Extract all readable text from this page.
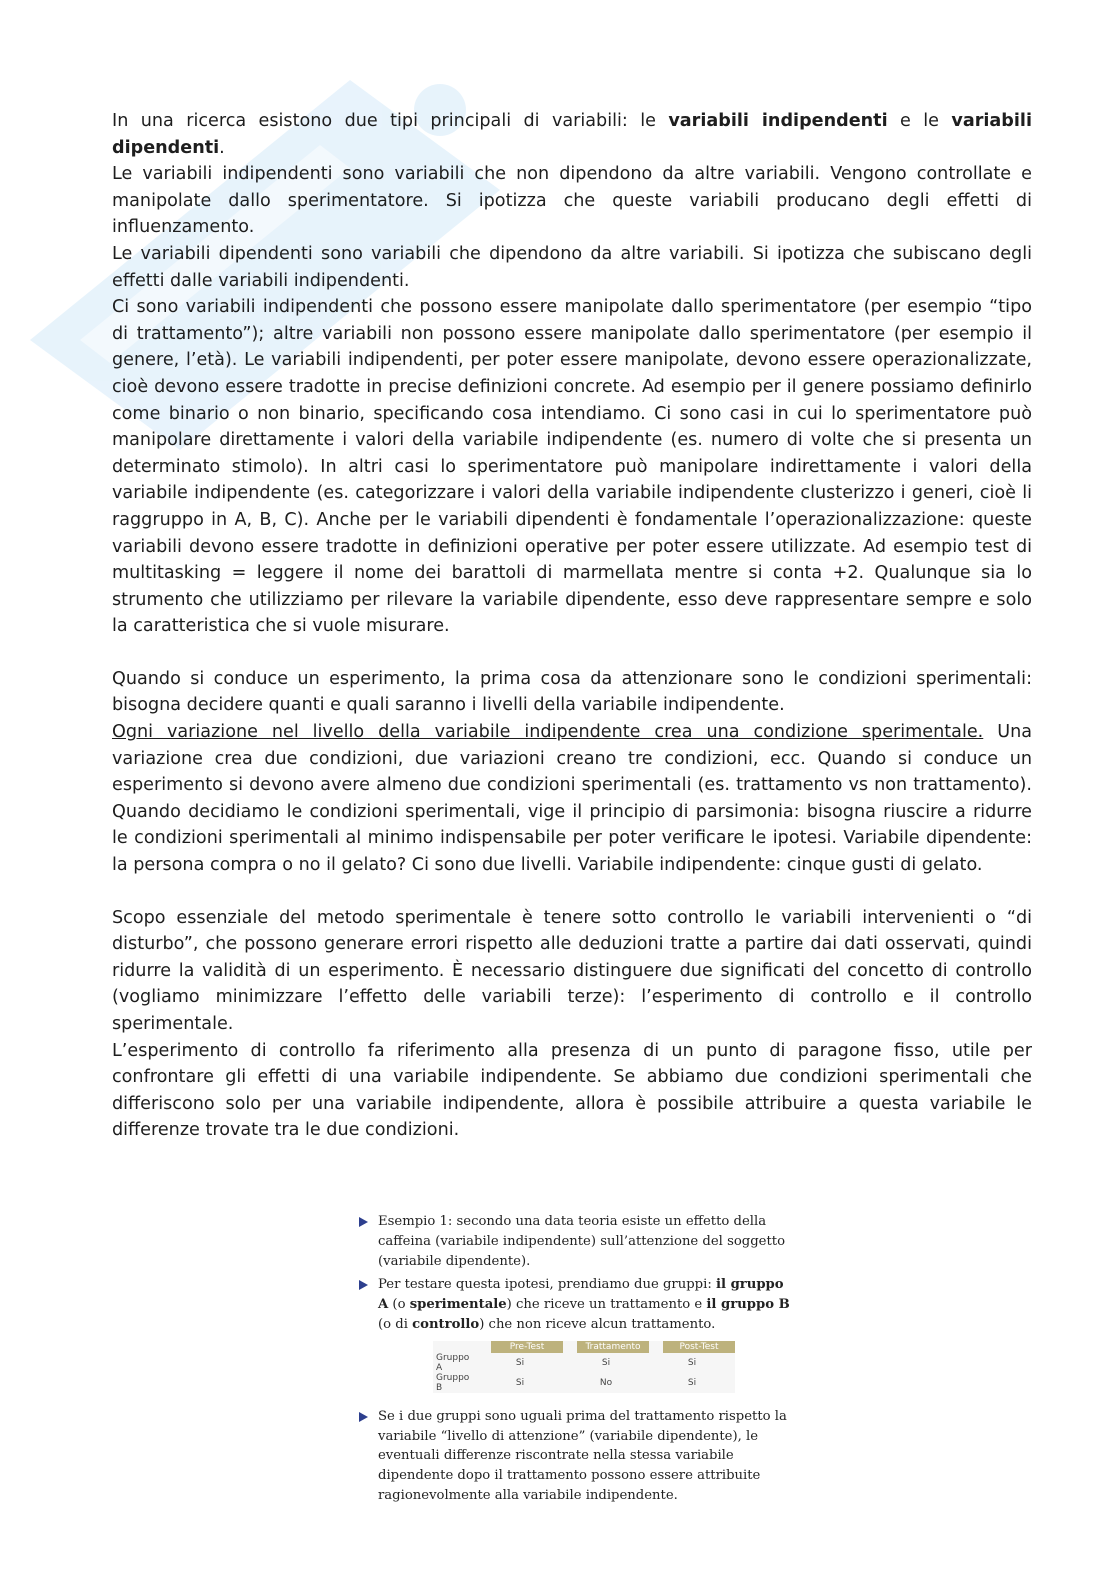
In una ricerca esistono due tipi principali di variabili: le variabili indipendenti e le variabili dipendenti.

Le variabili indipendenti sono variabili che non dipendono da altre variabili. Vengono controllate e manipolate dallo sperimentatore. Si ipotizza che queste variabili producano degli effetti di influenzamento.

Le variabili dipendenti sono variabili che dipendono da altre variabili. Si ipotizza che subiscano degli effetti dalle variabili indipendenti.

Ci sono variabili indipendenti che possono essere manipolate dallo sperimentatore (per esempio “tipo di trattamento”); altre variabili non possono essere manipolate dallo sperimentatore (per esempio il genere, l’età). Le variabili indipendenti, per poter essere manipolate, devono essere operazionalizzate, cioè devono essere tradotte in precise definizioni concrete. Ad esempio per il genere possiamo definirlo come binario o non binario, specificando cosa intendiamo. Ci sono casi in cui lo sperimentatore può manipolare direttamente i valori della variabile indipendente (es. numero di volte che si presenta un determinato stimolo). In altri casi lo sperimentatore può manipolare indirettamente i valori della variabile indipendente (es. categorizzare i valori della variabile indipendente clusterizzo i generi, cioè li raggruppo in A, B, C). Anche per le variabili dipendenti è fondamentale l’operazionalizzazione: queste variabili devono essere tradotte in definizioni operative per poter essere utilizzate. Ad esempio test di multitasking = leggere il nome dei barattoli di marmellata mentre si conta +2. Qualunque sia lo strumento che utilizziamo per rilevare la variabile dipendente, esso deve rappresentare sempre e solo la caratteristica che si vuole misurare.

Quando si conduce un esperimento, la prima cosa da attenzionare sono le condizioni sperimentali: bisogna decidere quanti e quali saranno i livelli della variabile indipendente.

Ogni variazione nel livello della variabile indipendente crea una condizione sperimentale. Una variazione crea due condizioni, due variazioni creano tre condizioni, ecc. Quando si conduce un esperimento si devono avere almeno due condizioni sperimentali (es. trattamento vs non trattamento). Quando decidiamo le condizioni sperimentali, vige il principio di parsimonia: bisogna riuscire a ridurre le condizioni sperimentali al minimo indispensabile per poter verificare le ipotesi. Variabile dipendente: la persona compra o no il gelato? Ci sono due livelli. Variabile indipendente: cinque gusti di gelato.

Scopo essenziale del metodo sperimentale è tenere sotto controllo le variabili intervenienti o “di disturbo”, che possono generare errori rispetto alle deduzioni tratte a partire dai dati osservati, quindi ridurre la validità di un esperimento. È necessario distinguere due significati del concetto di controllo (vogliamo minimizzare l’effetto delle variabili terze): l’esperimento di controllo e il controllo sperimentale.

L’esperimento di controllo fa riferimento alla presenza di un punto di paragone fisso, utile per confrontare gli effetti di una variabile indipendente. Se abbiamo due condizioni sperimentali che differiscono solo per una variabile indipendente, allora è possibile attribuire a questa variabile le differenze trovate tra le due condizioni.

Esempio 1: secondo una data teoria esiste un effetto della caffeina (variabile indipendente) sull’attenzione del soggetto (variabile dipendente).
Per testare questa ipotesi, prendiamo due gruppi: il gruppo A (o sperimentale) che riceve un trattamento e il gruppo B (o di controllo) che non riceve alcun trattamento.
	Pre-Test	Trattamento	Post-Test
Gruppo A	Si	Si	Si
Gruppo B	Si	No	Si
Se i due gruppi sono uguali prima del trattamento rispetto la variabile “livello di attenzione” (variabile dipendente), le eventuali differenze riscontrate nella stessa variabile dipendente dopo il trattamento possono essere attribuite ragionevolmente alla variabile indipendente.
